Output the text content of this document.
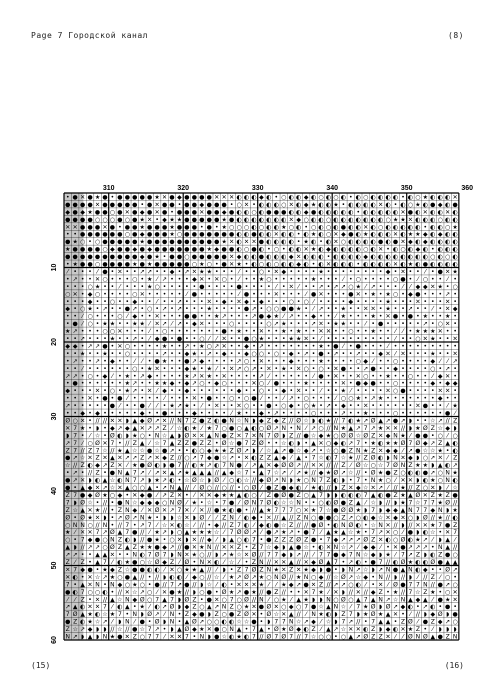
Page 7 Городской канал	(8)
• ● ✕ ● ★ ● • ● ● ● ● ● ★ ✕ ● ◆ ● ● ● ● ✕ ✕ ✕ ◐ ◐ ◐ ◆ ◐ • ○ ◐ ◐ ◆ ◐ ○ ◐ ○ ◐ • ◐ ○ ◐ ◐ ◐ ◐ • ◐ ○ ★ ◐ ◐ ◐ ✕
● ● ● ● ✕ ● ● ● ● ● • ● ✕ ● ● • ● ● ◆ ● ● ● • ○ ✕ • ◐ ◐ ◐ ○ ✕ ◐ ◆ ★ ◐ ◐ ★ • ◐ ◐ ◐ ◐ ✕ ◐ • ◐ ○ ★ ◐ ● ◆ ◐ ●
◆ ● ◆ ★ ● ● ○ ● ✕ ● ◆ ● ✕ ● • ● ● ● ✕ ● ● ◆ ● ◐ ◐ ○ ◐ ● ● ● ◐ ◐ ◆ ● ◐ ◐ ◐ ◐ ◐ • ◐ ◐ ◐ ◐ ◐ ✕ ● ◐ ✕ ◐ ◐ ✕ ◐
● ● ● ● ○ ○ ○ ● ○ ● ★ ✕ • ◆ ★ ★ ● ● ● ● ● ★ ● ◐ ◐ ◐ ◐ ◐ ◐ ◐ ✕ ◆ ○ ◐ ◐ ○ ◐ ◐ ◐ ◐ ◐ ◐ ◐ ○ ★ ★ ✕ ◐ ◐ ◐ ○ ◐ ◐
✕ ✕ ● ● ● ✕ ● • ● ● ★ ● ● ● ★ ● ● ● • ● • ★ ○ ○ ○ ◐ ○ ◐ ◐ ★ ○ ◐ • ○ ◐ ○ ◐ ● ◐ ◐ ✕ ◐ ○ ◐ ◐ ◐ ◐ ◐ • ◐ ◐ ○ ★
• • ● ● ● ● ● ● ○ ● ◆ ● ● ● ★ ○ ● ● ● ● ● ● ● ◐ ◐ ● ◐ ◐ ✕ ◐ ◐ • ◐ ★ ◐ ○ ✕ ◆ ● ◐ ★ ◐ ◐ ◐ ✕ ◐ ★ ★ ◆ ◐ ◆ ◐ ◐
● ★ ○ • ○ ● ● ● ● ● ★ ● ● ● ● ● ● ● ● ● ● ★ ✕ ◐ ✕ ✕ ● ◐ ◐ ◐ ◐ • ★ ◐ • ◐ ✕ ○ ◐ ◐ ◐ ◐ ● ◐ ● ✕ ◆ ◐ ◆ ◐ ◐ ◐ ◐
★ ● ● ● ● ○ ◆ ● ● ◆ ● ◆ ● ● ● ● ● ● ● ★ ◆ ● ● ◐ ○ ● ◐ • ○ • ◐ ◐ ✕ ★ ◐ ◆ ◐ ◐ ◐ ◐ ○ ◐ ✕ • ◐ ○ ◐ ◆ ◐ • ◐ ◐ ◐
● ● ● ● ● ● ● ● ● ● ◆ ● ★ • ● ● ○ ● ● ● ● ● ✕ ◆ ◐ ◐ ● ◐ ◐ ◐ ◆ ✕ ◐ ◐ ◐ • ◐ ◐ ◐ ◐ ◆ ◐ ◐ ◐ ◐ ◐ ◐ ◐ ◐ ○ ◐ ○ ◐
• ★ ● ● ○ ● ● ● ● ★ ● ★ ● ● ● ● ● ○ ★ ○ • ● ✕ ★ • ◐ ○ ◐ ○ ◐ ◐ ◆ ◐ • ◐ ✕ ◐ ◐ ◐ • ◐ ◐ ◐ ◐ ✕ ◐ ★ ◐ ● ◐ ◐ ◐ ◐
⁄ • • • ⁄ ● • ✕ • • ↗ ↗ • • ◆ • ↗ ✕ ★ ★ • • • ⁄ • • ○ • ✕ ◆ • • • • ★ • • • • • • • • ◆ • ✕ • • ⁄ • ● ✕ ★
• ↗ • • ✕ ○ • • • ○ • ★ ⁄ ↗ • • • ◆ ✕ • ✕ ○ • ⁄ • • ★ ○ • • • • • ★ • • • ⁄ • ○ • • • • ○ ● • ⁄ ○ • • ⁄ •
• • • ○ ★ • • ⁄ • • • ★ ○ • • • • • ● • • • • ● • • • • ⁄ • ✕ ⁄ • • ↗ • ↗ ↗ ○ ★ ⁄ ↗ • • • ⁄	⁄ ◆ ◆ ✕ ★ • ○
○ ✕ • ◆ ○ • • • • ○ ✕ • • • • • ⁄ ● • • • • • ⁄ ● • • • ✕ • • • ⁄ ● ✕ • • • ● ✕ • ★ • ★ ○ • ◆ ● • • • ↗ •
• • • ◆ • • ○ • • ◆ • • ⁄ • • ↗ • • • ✕ • ◆ • ✕ ◆ • ◆ • • • ○ • ○ ⁄ • • • • ◆ • • • • ★ • • • ✕ • • • ✕ •
◆ • ○ ★ • ↗ • • ● ↗ • ○ • ↗ • ↗ • • • ★ • • • • ● ↗ • ○ ○ ● ● ★ • ⁄ ↗ • • ★ • • ✕ ✕ • ★ • • ↗ • • ⁄ • ✕ ◆
• • ⁄ ○ • • • ○ ⁄ ◆ • • ✕ • • • ● ● • • ★ ↗ • • • ↗ ● ◆ ★ ⁄ ↗ • • ◆ • • ⁄ ★ • • • ★ • ✕ ● • ● • ★ • • ★ •
• ● ⁄ ○ • ★ ★ • • ★ ★ ⁄ ✕ ↗ ⁄ ↗ • ◆ ✕ • • • ○ • • • • ○ ↗ ★ • • • ↗ ✕ • ★ ★ • • ⁄ • ● • • • • • ↗ • ○ ✕ •
★ ↗ • • • ○ ○ ✕ • • • ⁄ • ○ • • • • • • • ● • ★ • • ✕ • • ★ • ★ • • ✕ ✕ • • ○ • • ★ • • ⁄	⁄ • ★ ★ ★ ✕ • •
• • ↗ • • • ★ • • ↗ • ⁄ ◆ ● • ● • • ○ ⁄	⁄ ✕ • • ● ○ ★ • • • ★ ★ ✕ • ⁄ • • • • • • • • • ⁄ • • ○ ✕ ★ • • ✕
◆ ◆ • ↗ ↗ ● • ✕ ○ • • • • ★ • • ↗ • ★ ○ ↗ ✕ • • ◆ • ↗ • • • • • • • ★ • ● ⁄ • ● • • • ⁄ • • • • • • • • •
• • ★ • • ★ • • ○ • • • • ↗ • • ◆ ★ • ↗ • ◆ • • ◆ ○ ○ • ○ • ◆ • ↗ • ● • ↗ • • ↗ • • ◆ ✕ ⁄ ✕ • • • ★ • • ✕
• ↗ • • ↗ • ◆ • • ⁄	⁄ • ● ★ • • ● ↗ ◆ • • • • ↗ ○ • ✕ • • • ◆ • • • ★ • • • • ○ ◆ ⁄ • • ○ • • • • ◆ ⁄	⁄ ↗
• • ⁄ • • • • • • ○ • ★ ✕ • • • ◆ ★ • ★ ⁄ • ✕ ↗ ○ ↗ • ✕ • ★ • ✕ ○ • ○ • ✕ ● • • ↗ ● • • ◆ • • • • ○ • ↗ •
↗ ↗ • ○ • ◆ ⁄ • ★ • ↗ ◆ • • • • ★ ↗ ✕ ★ • ✕ • • • • ↗ ⁄ • • • • • ⁄ ● • ✕ • • ✕ ○ • • ★ • • ○ • • ⁄ ◆ ✕ •
• ● • • • • • • ★ ↗ • • ★ ★ ◆ • ◆ ↗ ○ • ◆ ○ • • • ✕ ○ ⁄ ● • • • ★ • • • • ✕ • ● ◆ ● • • ○ • • • • ◆ • ◆ ◆
◆ • • • ✕ • ○ • ★ ↗ • ✕ ⁄ ◆ • • ◆ • • • • • • ◆ • • ○ • • ◆ • ✕ • • ⁄ • • ★ ⁄ • • • • ✕ ○ ● • • • • ✕ ✕ •
• • • ✕ • ● • ● ⁄ • • • • ⁄ • • • ✕ • ● • • ○ • ○ ● ⁄ • • ⁄ ↗ • ○ • • • ⁄ ○ ○ ★ • ↗ ★ • • • • • • • ◆ • •
↗ • • • • • ● ⁄ • • ● ⁄	⁄ • ★ ↗ ★ • ⁄ • ✕ • • ✕ ○ • • ● • ○ ◆ • ○ ★ • ↗ • ◆ • • ✕ • • • • • • ✕ ● • • ⁄ ★
• • ◆ • ◆ • • • • • ◆ • • ● • • • ◆ • • • • ⁄ ★ • • ◆ • ↗ • • • • ○ • • • ↗ • • ★ • • • ○ • • • • • • ● ⁄
Ø ○ ✕ • // // ✕ ✕ ◗ ▲ ◆ Ø ↗ ✕ // N 7 Z ● Z ◐ ● N ☆ N ◗ ◆ Z ◆ Z // Ø ☆ ◗ ◐ ★ // 7 ◐ ★ ↗ Ø ▲ ↗ ● ↗ ◗ • • ☆ ↗ // Z
✕ 7 ★ • ◗ • ◆ ↗ ◆ ▲ ✕ ↗ ↗ Z ⁄ ☆ ◐ ★ ⁄ ★ 7 ○ ● ○ ▲ ◐ ○ Ø ↗ N • N ⁄ ↗ ○ // N ★ ▲ ↗ 7 ↗ ★ ✕ ✕ // ◗ ★ Ø Z ☆ ◆ ◗
◗ 7 • ⁄ ☆ • Ø ◐ ◗ ★ ○ • N ☆ ▲ ◗ Ø ✕ ✕ ▲ N ● Z ✕ 7 ✕ N 7 Ø ◗ Z // ● ☆ ◆ ★ ○ Ø Ø ☆ Ø Z ✕ ◆ N ★ ⁄ ● ● • ○ ⁄ ○
↗ 7 ⁄ ○ Ø ✕ 7 • // Z ▲ ⁄ ☆ 7 ▲ Z Z ● Z Z • Ø ☆ ● 7 Z Ø • • ☆ ◐ ◗ • ▲ ✕ ○ ◆ ◐ ↗ 7 • ★ ◐ ★ ★ Ø 7 Ø ◆ ↗ Z ▲ ◐
Z 7 // Z 7 ☆ // ★ ▲ ☆ ☆ ● ☆ ● ↗ • • ◐ ○ ◆ ★ ★ Z Ø ↗ ◗ ⁄ ☆ ▲ ↗ ● ☆ ◆ ↗ • ☆ ○ ● Z N ★ Z ✕ ◆ ◆ ⁄ ↗ ● ☆ ☆ ★ • ◐
● ↗ ☆ ✕ Z ✕ ▲ ✕ ↗ ↗ Z ↗ ✕ ◆ Z // ○ ↗ 7 ◆ ● ☆ ↗ • ✕ ◐ Z Z ▲ ◆ ⁄ ▲ • 7 ☆ ◐ 7 ☆ ★ // Z Ø ◐ ◗ N ✕ ◆ ◗ ○ ↗ ✕ ⁄ Z
☆ // Z ◐ ◆ ↗ Z ✕ ⁄ ★ ● Ø ◐ ◗ ● 7 // ◐ ★ ↗ ◐ 7 N ● ⁄ ↗ ▲ ✕ ◆ Ø Ø ↗ // ✕ ✕ // // Z ⁄ Ø ☆ ○ ☆ 7 Ø N Z ★ ★ ◗ ▲ ◐ ↗
• ↗ • // Z • ● N ▲ 7 ↗ ⁄ ↗ ✕ ▲ ↗ ★ ▲ ▲ ▲ // ▲ ◆ ☆ 7 • ▲ 7 ☆ ↗ ⁄ ↗ ★ // ◆ ★ Ø ↗ ☆ // • Ø ★ ● Z ○ ◐ ◐ ● ↗ ○ N ★
● ↗ ✕ ◗ ◐ ▲ ☆ ◐ N 7 ↗ ◗ ★ ↗ ◐ • ☆ Ø ☆ ◗ Ø ⁄ ○ ◐ ☆ // ◆ Ø ↗ N ◗ ★ ○ N 7 Z ◐ ◗ • 7 • N ★ ○ ⁄ ✕ ✕ ◗ ◐ ★ ○ N ◐
● • ▲ ◆ ✕ ↗ ☆ ✕ ▲ ○ ○ ▲ • ↗ N ▲ // ⁄ Ø ○ // ○ // • ○ Ø ⁄ ● Z ● ◆ ◐ ⁄ ★ ◐ // ◗ Z ✕ ◆ ☆ ✕ ↗ ⁄ // ★ // Z ○ ✕ ◗ ⁄ ☆
Z 7 ● ◆ Ø ★ ○ ◆ • ✕ ◆ ● ⁄ ↗ Z ✕ • ⁄ ✕ ✕ ◆ ★ ★ ▲ ◐ ○ ⁄ Z ● Ø ● Z ○ ▲ 7 ◗ ◗ ◐ ◐ ◐ 7 ▲ ◐ ● Z ★ ▲ Ø ✕ Z ★ Z ●
7 ◗ Ø ☆ • // • ● N ☆ ◆ ◆ ◆ ○ N Ø ⁄ ★ • ☆ • 7 ● ⁄ Ø N 7 Ø ◐ ☆ ☆ N • • ○ ◐ Ø ● Z ▲ ⁄ ☆ ◗ // ◗ ★ 7 ☆ 7 7 ★ Ø //
Z ☆ ▲ ✕ ★ // • Z N ◆ ⁄ ✕ Ø ✕ ↗ 7 ✕ ⁄ ✕ // ● ★ ◐ ● • // ▲ ★ 7 7 7 ○ ✕ ★ 7 ☆ ● Ø Ø ★ ◗ 7 ◗ ◆ ◆ ▲ N 7 7 ◆ N ◗ ★
Ø • Ø ★ ✕ ◗ • ↗ Ø ↗ N ★ • ◗ ◗ ☆ ✕ ◗ Ø ⁄	⁄ Z N ⁄ ◐ ◆ • ✕ // ▲ // Z N ○ ● ● ○ Z ↗ ○ ◐ ◆ ☆ ✕ ◆ ✕ ○ ◗ Ø // ★ // ◐
○ N N ○ // N • // 7 • ↗ 7 ⁄ ☆ ✕ ◐ ☆ ⁄ // • ◆ // Z 7 ◐ ⁄ ◆ ◐ ● ☆ Z // // ● Ø • ◐ N Ø ◐ • ☆ N ✕ // ◗ // ✕ ✕ ★ 7 ● Z
★ ⁄ ✕ ✕ 7 ↗ Ø ▲ 7 ● // ⁄ ★ ↗ ◗ ○ ▲ ★ ★ ★ ☆ ⁄ 7 Ø Ø ↗ ⁄ ● ↗ ★ ↗ • ● 7 ⁄ ▲ ★ ▲ ☆ ★ • 7 ↗ ✕ ○ ⁄ ● ◗ ◐ ☆ • ✕ 7
○ • 7 ◆ ● ○ N Z ◐ ◗ // ● ★ • ○ ✕ ◗ ✕ // ◆ ⁄ ◗ ▲ ○ ◐ 7 • ● Z Z Z Ø Z ● • 7 ◆ ↗ ↗ ↗ Ø Z ✕ ◐ ○ Ø ◐ ★ ↗ ⁄ ◗ ▲ ⁄
▲ ◗ // ↗ ↗ ○ Ø Z ▲ Z ★ ★ ● ◆ ↗ // ● ✕ ★ N // ✕ ✕ Z • Z 7 ☆ ◆ ◗ ▲ ● ☆ • ◐ ✕ N ☆ ↗ ⁄ ◆ ◆ ⁄ • ✕ ● ↗ ↗ ↗ • N ▲ //
↗ ↗ • • ▲ ▲ ✕ • • N ◐ 7 Ø 7 ◗ N ✕ ★ ○ // ◗ ↗ ★ ☆ ✕ Ø // 7 7 ◆ ◗ ↗ // ⁄ 7 7 ● ◆ 7 N ☆ ◆ ◗ ★ ⁄ 7 ↗ Z ◗ ◐ Z ● ○
Z ⁄ Z • ▲ 7 ⁄ ◐ ★ ● ○ ☆ Ø ◆ Z ⁄ Ø • N ✕ ◐ ⁄ ☆ ⁄ • Z N // ✕ ✕ ▲ // ✕ ◆ Ø ▲ 7 • ↗ ◐ • ● 7 // ◐ Ø ★ ◐ ◐ Ø ● ▲ ▲
✕ 7 ◆ ● • ★ ◆ Z ☆ ● ● ◐ ◐ ⁄ ✕ ○ ★ ★ ▲ // ⁄ ◗ • Z 7 Ø Z N ★ ✕ Z ✕ ★ ◆ ◗ ● • ◗ N ↗ ☆ ◗ ↗ N ● ▲ N ◐ ◆ • • Ø ↗
✕ ◐ • ✕ ☆ ↗ ★ ○ ● ▲ // • // ◗ ◐ ◐ ⁄ ◆ ○ // ☆ ⁄ ★ ↗ Ø ↗ ★ ○ N Ø // ★ N ○ ◆ // ☆ Ø ↗ ☆ ◆ • N // ◗ // ◗ ⁄ // Z ⁄ ○ •
7 • ▲ ✕ N • N ◆ ○ ★ ○ • ● // 7 ↗ ● // ◗ ☆ ⁄ ◐ • ✕ ✕ ✕ ★ ⁄	⁄ ★ ◆ ↗ ● ✕ Z // ↗ ↗ ○ ◐ ⁄ • ✕ ⁄ Ø ● 7 7 N // ● ↗ ○
● ◐ 7 ○ ○ ◐ • // ✕ ☆ ↗ ○ ⁄ ✕ ● ★ // ◗ ○ ● • Ø ★ ↗ ● ★ // ● Z // • • ✕ 7 ★ ⁄ ✕ ◗ // ✕ // ◆ Z • ★ // 7 ☆ Z ★ • ○ ✕
⁄	⁄ Z • ✕ // ▲ ☆ N ◆ Ø ○ 7 ▲ 7 ◗ Ø Z • ● ✕ ○ 7 ○ Ø // N ⁄ ○ ★ ⁄ ▲ ★ ◗ ◗ N ○ Ø ○ ▲ 7 ▲ N ↗ ☆ N ▲ ◆ ▲ ⁄ ● ★ ✕
↗ ▲ ◐ ✕ ✕ 7 ⁄ ◐ ▲ • ★ ⁄ ◐ ↗ Ø ◗ ◆ Z ○ ▲ ↗ N Z ○ ★ ✕ ● Ø ✕ ○ ◆ ○ 7 ● ☆ ▲ N ☆ ⁄ 7 ★ Ø ◗ Ø ↗ ◆ ◐ • ↗ ◐ • ● •
7 Ø ▲ ★ ◐ ☆ ★ 7 • N ◗ Ø ↗ ⁄ N • Z ◆ ● ◗ Z ○ ● Z Ø ✕ • Ø ☆ ✕ ▲ // ⁄ N ★ ◐ ◗ Z 7 ◗ ★ Ø ★ ▲ ✕ • ⁄ // ◗ ◆ Ø ◗ ●
● Z ◐ ★ ☆ ↗ ⁄ ◗ N ⁄ ● • Ø ◗ N • ▲ Ø ↗ ○ ○ ◐ ◐ ☆ ☆ ● • ◗ 7 7 N ☆ ↗ ◆ ⁄ ☆ ◗ 7 ↗ // • 7 ▲ ▲ • Z Ø ⁄ ● Z ◆ ↗ ○
Z ☆ ↗ ◆ ◗ ◗ // ☆ // ● ☆ 7 ↗ • ◗ ▲ Ø ◆ ★ ✕ ● ○ N ▲ • 7 ▲ • Ø ★ Ø ◆ ◐ Z ⁄ ▲ ↗ ☆ ✕ ✕ ◐ Z ◗ ◆ ◐ ✕ ★ Z • ⁄ ◗ ◗ ◗
N ↗ ◗ ▲ ◗ N ★ ● ✕ Z ○ 7 7 ⁄ ✕ ✕ 7 • N ◗ ● ☆ ◐ ★ ◐ 7 // Ø 7 Ø 7 // 7 ☆ ○ ○ • ○ ▲ ↗ Ø Z Z ✕ ⁄	⁄ Ø N Ø ▲ ● Z N
310	320	330	340	350	360
10
20
30
40
50
60
(15)	(16)
